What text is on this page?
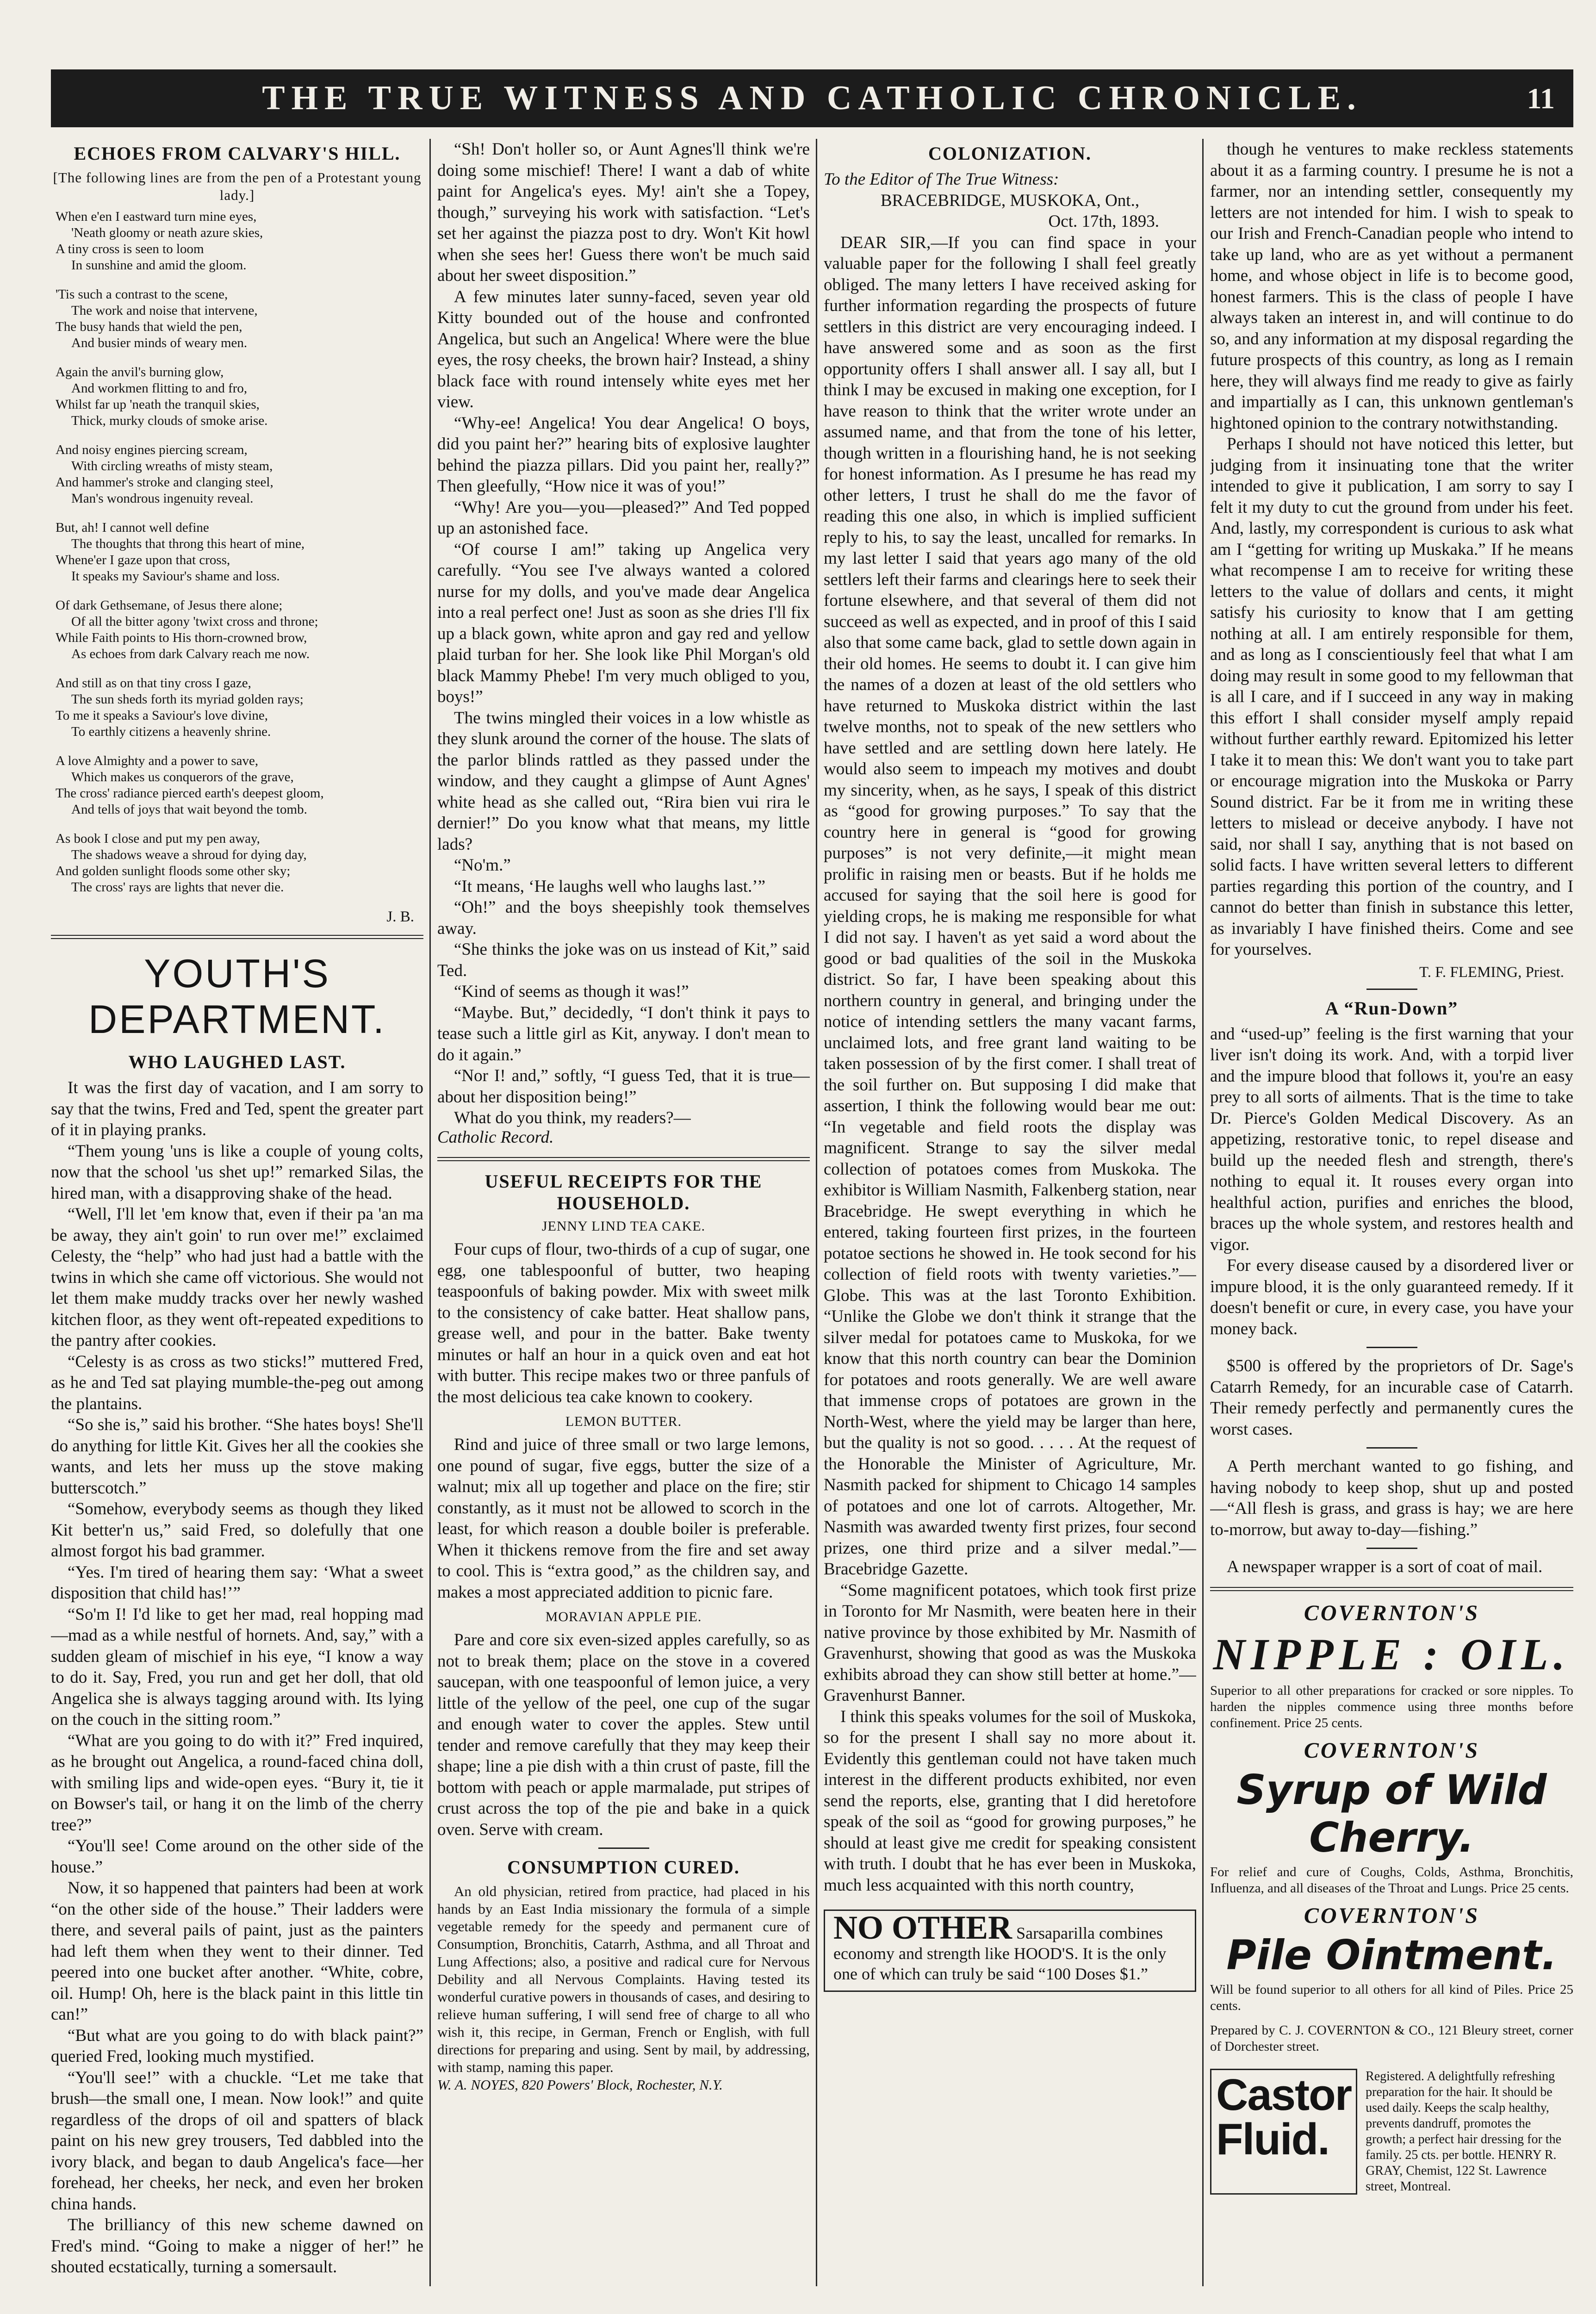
THE TRUE WITNESS AND CATHOLIC CHRONICLE.	11
ECHOES FROM CALVARY'S HILL.
[The following lines are from the pen of a Protestant young lady.]
When e'en I eastward turn mine eyes,
'Neath gloomy or neath azure skies,
A tiny cross is seen to loom
In sunshine and amid the gloom.
'Tis such a contrast to the scene,
The work and noise that intervene,
The busy hands that wield the pen,
And busier minds of weary men.
Again the anvil's burning glow,
And workmen flitting to and fro,
Whilst far up 'neath the tranquil skies,
Thick, murky clouds of smoke arise.
And noisy engines piercing scream,
With circling wreaths of misty steam,
And hammer's stroke and clanging steel,
Man's wondrous ingenuity reveal.
But, ah! I cannot well define
The thoughts that throng this heart of mine,
Whene'er I gaze upon that cross,
It speaks my Saviour's shame and loss.
Of dark Gethsemane, of Jesus there alone;
Of all the bitter agony 'twixt cross and throne;
While Faith points to His thorn-crowned brow,
As echoes from dark Calvary reach me now.
And still as on that tiny cross I gaze,
The sun sheds forth its myriad golden rays;
To me it speaks a Saviour's love divine,
To earthly citizens a heavenly shrine.
A love Almighty and a power to save,
Which makes us conquerors of the grave,
The cross' radiance pierced earth's deepest gloom,
And tells of joys that wait beyond the tomb.
As book I close and put my pen away,
The shadows weave a shroud for dying day,
And golden sunlight floods some other sky;
The cross' rays are lights that never die.
J. B.
YOUTH'S DEPARTMENT.
WHO LAUGHED LAST.

It was the first day of vacation, and I am sorry to say that the twins, Fred and Ted, spent the greater part of it in playing pranks.

“Them young 'uns is like a couple of young colts, now that the school 'us shet up!” remarked Silas, the hired man, with a disapproving shake of the head.

“Well, I'll let 'em know that, even if their pa 'an ma be away, they ain't goin' to run over me!” exclaimed Celesty, the “help” who had just had a battle with the twins in which she came off victorious. She would not let them make muddy tracks over her newly washed kitchen floor, as they went oft-repeated expeditions to the pantry after cookies.

“Celesty is as cross as two sticks!” muttered Fred, as he and Ted sat playing mumble-the-peg out among the plantains.

“So she is,” said his brother. “She hates boys! She'll do anything for little Kit. Gives her all the cookies she wants, and lets her muss up the stove making butterscotch.”

“Somehow, everybody seems as though they liked Kit better'n us,” said Fred, so dolefully that one almost forgot his bad grammer.

“Yes. I'm tired of hearing them say: ‘What a sweet disposition that child has!’”

“So'm I! I'd like to get her mad, real hopping mad—mad as a while nestful of hornets. And, say,” with a sudden gleam of mischief in his eye, “I know a way to do it. Say, Fred, you run and get her doll, that old Angelica she is always tagging around with. Its lying on the couch in the sitting room.”

“What are you going to do with it?” Fred inquired, as he brought out Angelica, a round-faced china doll, with smiling lips and wide-open eyes. “Bury it, tie it on Bowser's tail, or hang it on the limb of the cherry tree?”

“You'll see! Come around on the other side of the house.”

Now, it so happened that painters had been at work “on the other side of the house.” Their ladders were there, and several pails of paint, just as the painters had left them when they went to their dinner. Ted peered into one bucket after another. “White, cobre, oil. Hump! Oh, here is the black paint in this little tin can!”

“But what are you going to do with black paint?” queried Fred, looking much mystified.

“You'll see!” with a chuckle. “Let me take that brush—the small one, I mean. Now look!” and quite regardless of the drops of oil and spatters of black paint on his new grey trousers, Ted dabbled into the ivory black, and began to daub Angelica's face—her forehead, her cheeks, her neck, and even her broken china hands.

The brilliancy of this new scheme dawned on Fred's mind. “Going to make a nigger of her!” he shouted ecstatically, turning a somersault.

“Sh! Don't holler so, or Aunt Agnes'll think we're doing some mischief! There! I want a dab of white paint for Angelica's eyes. My! ain't she a Topey, though,” surveying his work with satisfaction. “Let's set her against the piazza post to dry. Won't Kit howl when she sees her! Guess there won't be much said about her sweet disposition.”

A few minutes later sunny-faced, seven year old Kitty bounded out of the house and confronted Angelica, but such an Angelica! Where were the blue eyes, the rosy cheeks, the brown hair? Instead, a shiny black face with round intensely white eyes met her view.

“Why-ee! Angelica! You dear Angelica! O boys, did you paint her?” hearing bits of explosive laughter behind the piazza pillars. Did you paint her, really?” Then gleefully, “How nice it was of you!”

“Why! Are you—you—pleased?” And Ted popped up an astonished face.

“Of course I am!” taking up Angelica very carefully. “You see I've always wanted a colored nurse for my dolls, and you've made dear Angelica into a real perfect one! Just as soon as she dries I'll fix up a black gown, white apron and gay red and yellow plaid turban for her. She look like Phil Morgan's old black Mammy Phebe! I'm very much obliged to you, boys!”

The twins mingled their voices in a low whistle as they slunk around the corner of the house. The slats of the parlor blinds rattled as they passed under the window, and they caught a glimpse of Aunt Agnes' white head as she called out, “Rira bien vui rira le dernier!” Do you know what that means, my little lads?

“No'm.”

“It means, ‘He laughs well who laughs last.’”

“Oh!” and the boys sheepishly took themselves away.

“She thinks the joke was on us instead of Kit,” said Ted.

“Kind of seems as though it was!”

“Maybe. But,” decidedly, “I don't think it pays to tease such a little girl as Kit, anyway. I don't mean to do it again.”

“Nor I! and,” softly, “I guess Ted, that it is true—about her disposition being!”

What do you think, my readers?—

Catholic Record.

USEFUL RECEIPTS FOR THE HOUSEHOLD.
JENNY LIND TEA CAKE.

Four cups of flour, two-thirds of a cup of sugar, one egg, one tablespoonful of butter, two heaping teaspoonfuls of baking powder. Mix with sweet milk to the consistency of cake batter. Heat shallow pans, grease well, and pour in the batter. Bake twenty minutes or half an hour in a quick oven and eat hot with butter. This recipe makes two or three panfuls of the most delicious tea cake known to cookery.

LEMON BUTTER.

Rind and juice of three small or two large lemons, one pound of sugar, five eggs, butter the size of a walnut; mix all up together and place on the fire; stir constantly, as it must not be allowed to scorch in the least, for which reason a double boiler is preferable. When it thickens remove from the fire and set away to cool. This is “extra good,” as the children say, and makes a most appreciated addition to picnic fare.

MORAVIAN APPLE PIE.

Pare and core six even-sized apples carefully, so as not to break them; place on the stove in a covered saucepan, with one teaspoonful of lemon juice, a very little of the yellow of the peel, one cup of the sugar and enough water to cover the apples. Stew until tender and remove carefully that they may keep their shape; line a pie dish with a thin crust of paste, fill the bottom with peach or apple marmalade, put stripes of crust across the top of the pie and bake in a quick oven. Serve with cream.

CONSUMPTION CURED.

An old physician, retired from practice, had placed in his hands by an East India missionary the formula of a simple vegetable remedy for the speedy and permanent cure of Consumption, Bronchitis, Catarrh, Asthma, and all Throat and Lung Affections; also, a positive and radical cure for Nervous Debility and all Nervous Complaints. Having tested its wonderful curative powers in thousands of cases, and desiring to relieve human suffering, I will send free of charge to all who wish it, this recipe, in German, French or English, with full directions for preparing and using. Sent by mail, by addressing, with stamp, naming this paper.

W. A. NOYES, 820 Powers' Block, Rochester, N.Y.

COLONIZATION.

To the Editor of The True Witness:

BRACEBRIDGE, MUSKOKA, Ont.,

Oct. 17th, 1893.

DEAR SIR,—If you can find space in your valuable paper for the following I shall feel greatly obliged. The many letters I have received asking for further information regarding the prospects of future settlers in this district are very encouraging indeed. I have answered some and as soon as the first opportunity offers I shall answer all. I say all, but I think I may be excused in making one exception, for I have reason to think that the writer wrote under an assumed name, and that from the tone of his letter, though written in a flourishing hand, he is not seeking for honest information. As I presume he has read my other letters, I trust he shall do me the favor of reading this one also, in which is implied sufficient reply to his, to say the least, uncalled for remarks. In my last letter I said that years ago many of the old settlers left their farms and clearings here to seek their fortune elsewhere, and that several of them did not succeed as well as expected, and in proof of this I said also that some came back, glad to settle down again in their old homes. He seems to doubt it. I can give him the names of a dozen at least of the old settlers who have returned to Muskoka district within the last twelve months, not to speak of the new settlers who have settled and are settling down here lately. He would also seem to impeach my motives and doubt my sincerity, when, as he says, I speak of this district as “good for growing purposes.” To say that the country here in general is “good for growing purposes” is not very definite,—it might mean prolific in raising men or beasts. But if he holds me accused for saying that the soil here is good for yielding crops, he is making me responsible for what I did not say. I haven't as yet said a word about the good or bad qualities of the soil in the Muskoka district. So far, I have been speaking about this northern country in general, and bringing under the notice of intending settlers the many vacant farms, unclaimed lots, and free grant land waiting to be taken possession of by the first comer. I shall treat of the soil further on. But supposing I did make that assertion, I think the following would bear me out: “In vegetable and field roots the display was magnificent. Strange to say the silver medal collection of potatoes comes from Muskoka. The exhibitor is William Nasmith, Falkenberg station, near Bracebridge. He swept everything in which he entered, taking fourteen first prizes, in the fourteen potatoe sections he showed in. He took second for his collection of field roots with twenty varieties.”—Globe. This was at the last Toronto Exhibition. “Unlike the Globe we don't think it strange that the silver medal for potatoes came to Muskoka, for we know that this north country can bear the Dominion for potatoes and roots generally. We are well aware that immense crops of potatoes are grown in the North-West, where the yield may be larger than here, but the quality is not so good. . . . . At the request of the Honorable the Minister of Agriculture, Mr. Nasmith packed for shipment to Chicago 14 samples of potatoes and one lot of carrots. Altogether, Mr. Nasmith was awarded twenty first prizes, four second prizes, one third prize and a silver medal.”—Bracebridge Gazette.

“Some magnificent potatoes, which took first prize in Toronto for Mr Nasmith, were beaten here in their native province by those exhibited by Mr. Nasmith of Gravenhurst, showing that good as was the Muskoka exhibits abroad they can show still better at home.”—Gravenhurst Banner.

I think this speaks volumes for the soil of Muskoka, so for the present I shall say no more about it. Evidently this gentleman could not have taken much interest in the different products exhibited, nor even send the reports, else, granting that I did heretofore speak of the soil as “good for growing purposes,” he should at least give me credit for speaking consistent with truth. I doubt that he has ever been in Muskoka, much less acquainted with this north country,

NO OTHER Sarsaparilla combines economy and strength like HOOD'S. It is the only one of which can truly be said “100 Doses $1.”

though he ventures to make reckless statements about it as a farming country. I presume he is not a farmer, nor an intending settler, consequently my letters are not intended for him. I wish to speak to our Irish and French-Canadian people who intend to take up land, who are as yet without a permanent home, and whose object in life is to become good, honest farmers. This is the class of people I have always taken an interest in, and will continue to do so, and any information at my disposal regarding the future prospects of this country, as long as I remain here, they will always find me ready to give as fairly and impartially as I can, this unknown gentleman's hightoned opinion to the contrary notwithstanding.

Perhaps I should not have noticed this letter, but judging from it insinuating tone that the writer intended to give it publication, I am sorry to say I felt it my duty to cut the ground from under his feet. And, lastly, my correspondent is curious to ask what am I “getting for writing up Muskaka.” If he means what recompense I am to receive for writing these letters to the value of dollars and cents, it might satisfy his curiosity to know that I am getting nothing at all. I am entirely responsible for them, and as long as I conscientiously feel that what I am doing may result in some good to my fellowman that is all I care, and if I succeed in any way in making this effort I shall consider myself amply repaid without further earthly reward. Epitomized his letter I take it to mean this: We don't want you to take part or encourage migration into the Muskoka or Parry Sound district. Far be it from me in writing these letters to mislead or deceive anybody. I have not said, nor shall I say, anything that is not based on solid facts. I have written several letters to different parties regarding this portion of the country, and I cannot do better than finish in substance this letter, as invariably I have finished theirs. Come and see for yourselves.

T. F. FLEMING, Priest.
A “Run-Down”

and “used-up” feeling is the first warning that your liver isn't doing its work. And, with a torpid liver and the impure blood that follows it, you're an easy prey to all sorts of ailments. That is the time to take Dr. Pierce's Golden Medical Discovery. As an appetizing, restorative tonic, to repel disease and build up the needed flesh and strength, there's nothing to equal it. It rouses every organ into healthful action, purifies and enriches the blood, braces up the whole system, and restores health and vigor.

For every disease caused by a disordered liver or impure blood, it is the only guaranteed remedy. If it doesn't benefit or cure, in every case, you have your money back.

$500 is offered by the proprietors of Dr. Sage's Catarrh Remedy, for an incurable case of Catarrh. Their remedy perfectly and permanently cures the worst cases.

A Perth merchant wanted to go fishing, and having nobody to keep shop, shut up and posted—“All flesh is grass, and grass is hay; we are here to-morrow, but away to-day—fishing.”

A newspaper wrapper is a sort of coat of mail.

COVERNTON'S
NIPPLE : OIL.

Superior to all other preparations for cracked or sore nipples. To harden the nipples commence using three months before confinement. Price 25 cents.

COVERNTON'S
Syrup of Wild Cherry.

For relief and cure of Coughs, Colds, Asthma, Bronchitis, Influenza, and all diseases of the Throat and Lungs. Price 25 cents.

COVERNTON'S
Pile Ointment.

Will be found superior to all others for all kind of Piles. Price 25 cents.

Prepared by C. J. COVERNTON & CO., 121 Bleury street, corner of Dorchester street.

Castor Fluid.
Registered. A delightfully refreshing preparation for the hair. It should be used daily. Keeps the scalp healthy, prevents dandruff, promotes the growth; a perfect hair dressing for the family. 25 cts. per bottle. HENRY R. GRAY, Chemist, 122 St. Lawrence street, Montreal.
